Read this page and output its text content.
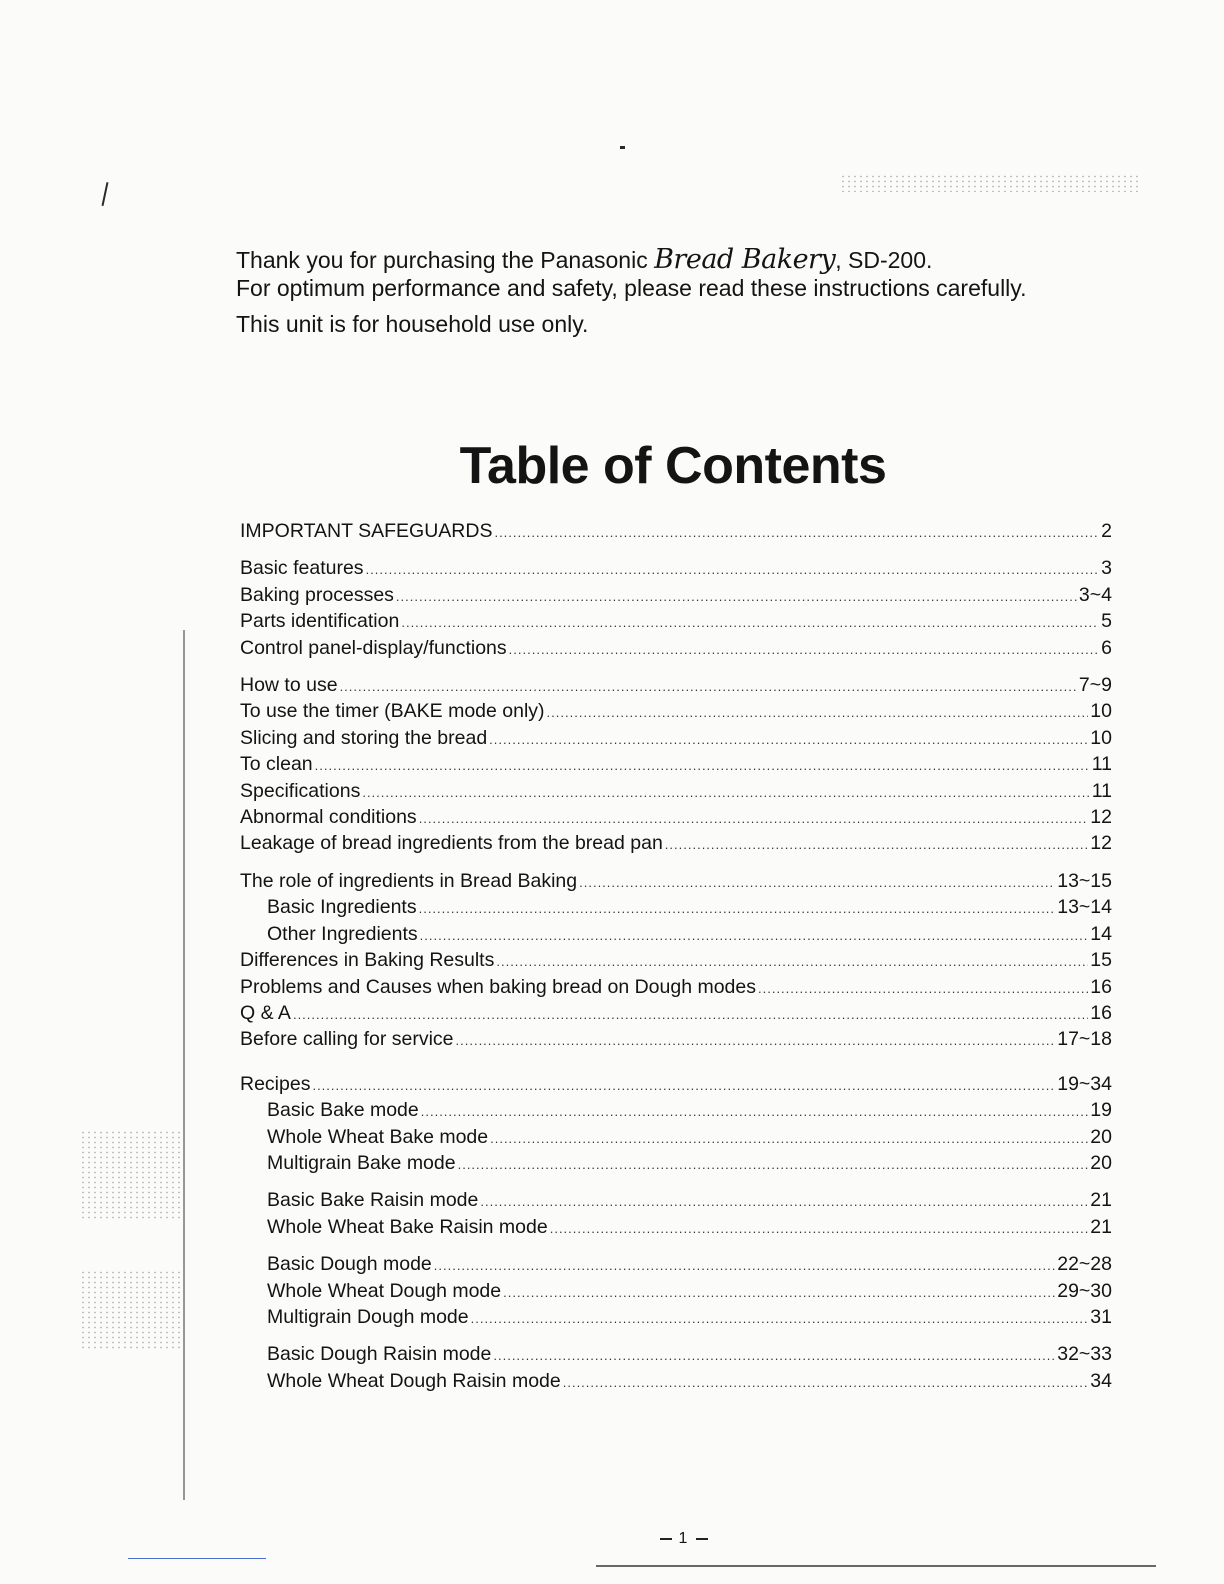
Thank you for purchasing the Panasonic Bread Bakery, SD-200.

For optimum performance and safety, please read these instructions carefully.

This unit is for household use only.

Table of Contents
IMPORTANT SAFEGUARDS .....	2
Basic features .....	3
Baking processes .....	3~4
Parts identification .....	5
Control panel-display/functions .....	6
How to use .....	7~9
To use the timer (BAKE mode only) .....	10
Slicing and storing the bread .....	10
To clean .....	11
Specifications .....	11
Abnormal conditions .....	12
Leakage of bread ingredients from the bread pan .....	12
The role of ingredients in Bread Baking .....	13~15
Basic Ingredients .....	13~14
Other Ingredients .....	14
Differences in Baking Results .....	15
Problems and Causes when baking bread on Dough modes .....	16
Q & A .....	16
Before calling for service .....	17~18
Recipes .....	19~34
Basic Bake mode .....	19
Whole Wheat Bake mode .....	20
Multigrain Bake mode .....	20
Basic Bake Raisin mode .....	21
Whole Wheat Bake Raisin mode .....	21
Basic Dough mode .....	22~28
Whole Wheat Dough mode .....	29~30
Multigrain Dough mode .....	31
Basic Dough Raisin mode .....	32~33
Whole Wheat Dough Raisin mode .....	34
1
